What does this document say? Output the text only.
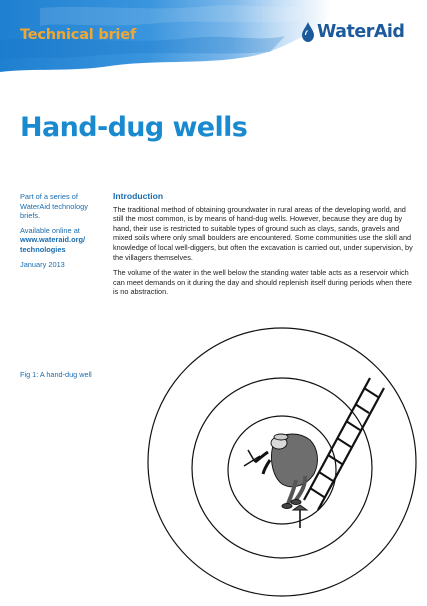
Technical brief	WaterAid
Hand-dug wells

Part of a series of WaterAid technology briefs.

Available online at
www.wateraid.org/
technologies

January 2013

Introduction

The traditional method of obtaining groundwater in rural areas of the developing world, and still the most common, is by means of hand-dug wells. However, because they are dug by hand, their use is restricted to suitable types of ground such as clays, sands, gravels and mixed soils where only small boulders are encountered. Some communities use the skill and knowledge of local well-diggers, but often the excavation is carried out, under supervision, by the villagers themselves.

The volume of the water in the well below the standing water table acts as a reservoir which can meet demands on it during the day and should replenish itself during periods when there is no abstraction.

Fig 1: A hand-dug well
